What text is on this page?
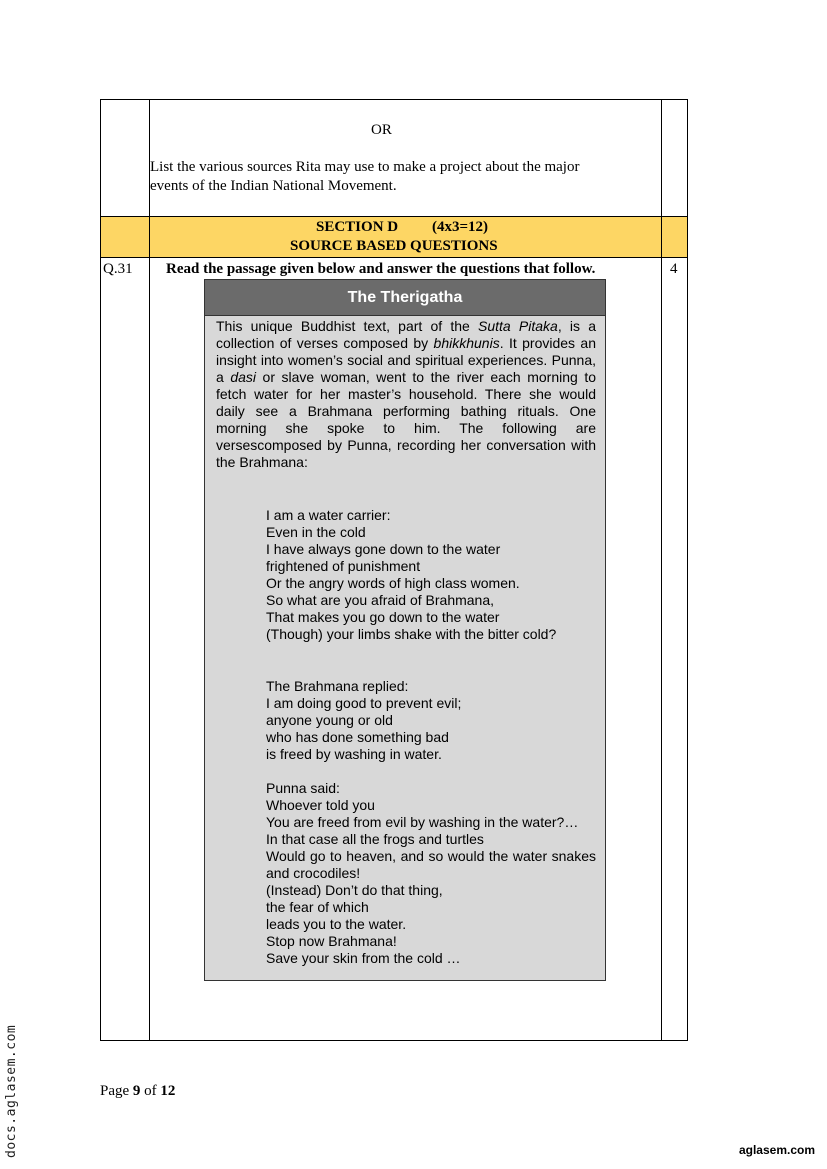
OR
List the various sources Rita may use to make a project about the major
events of the Indian National Movement.
SECTION D (4x3=12)
SOURCE BASED QUESTIONS
Q.31 Read the passage given below and answer the questions that follow.	4
The Therigatha
This unique Buddhist text, part of the Sutta Pitaka, is a collection of verses composed by bhikkhunis. It provides an insight into women’s social and spiritual experiences. Punna, a dasi or slave woman, went to the river each morning to fetch water for her master’s household. There she would daily see a Brahmana performing bathing rituals. One morning she spoke to him. The following are versescomposed by Punna, recording her conversation with the Brahmana:
I am a water carrier:
Even in the cold
I have always gone down to the water
frightened of punishment
Or the angry words of high class women.
So what are you afraid of Brahmana,
That makes you go down to the water
(Though) your limbs shake with the bitter cold?
The Brahmana replied:
I am doing good to prevent evil;
anyone young or old
who has done something bad
is freed by washing in water.
Punna said:
Whoever told you
You are freed from evil by washing in the water?…
In that case all the frogs and turtles
Would go to heaven, and so would the water snakes and crocodiles!
(Instead) Don’t do that thing,
the fear of which
leads you to the water.
Stop now Brahmana!
Save your skin from the cold …
Page 9 of 12
docs.aglasem.com	aglasem.com
